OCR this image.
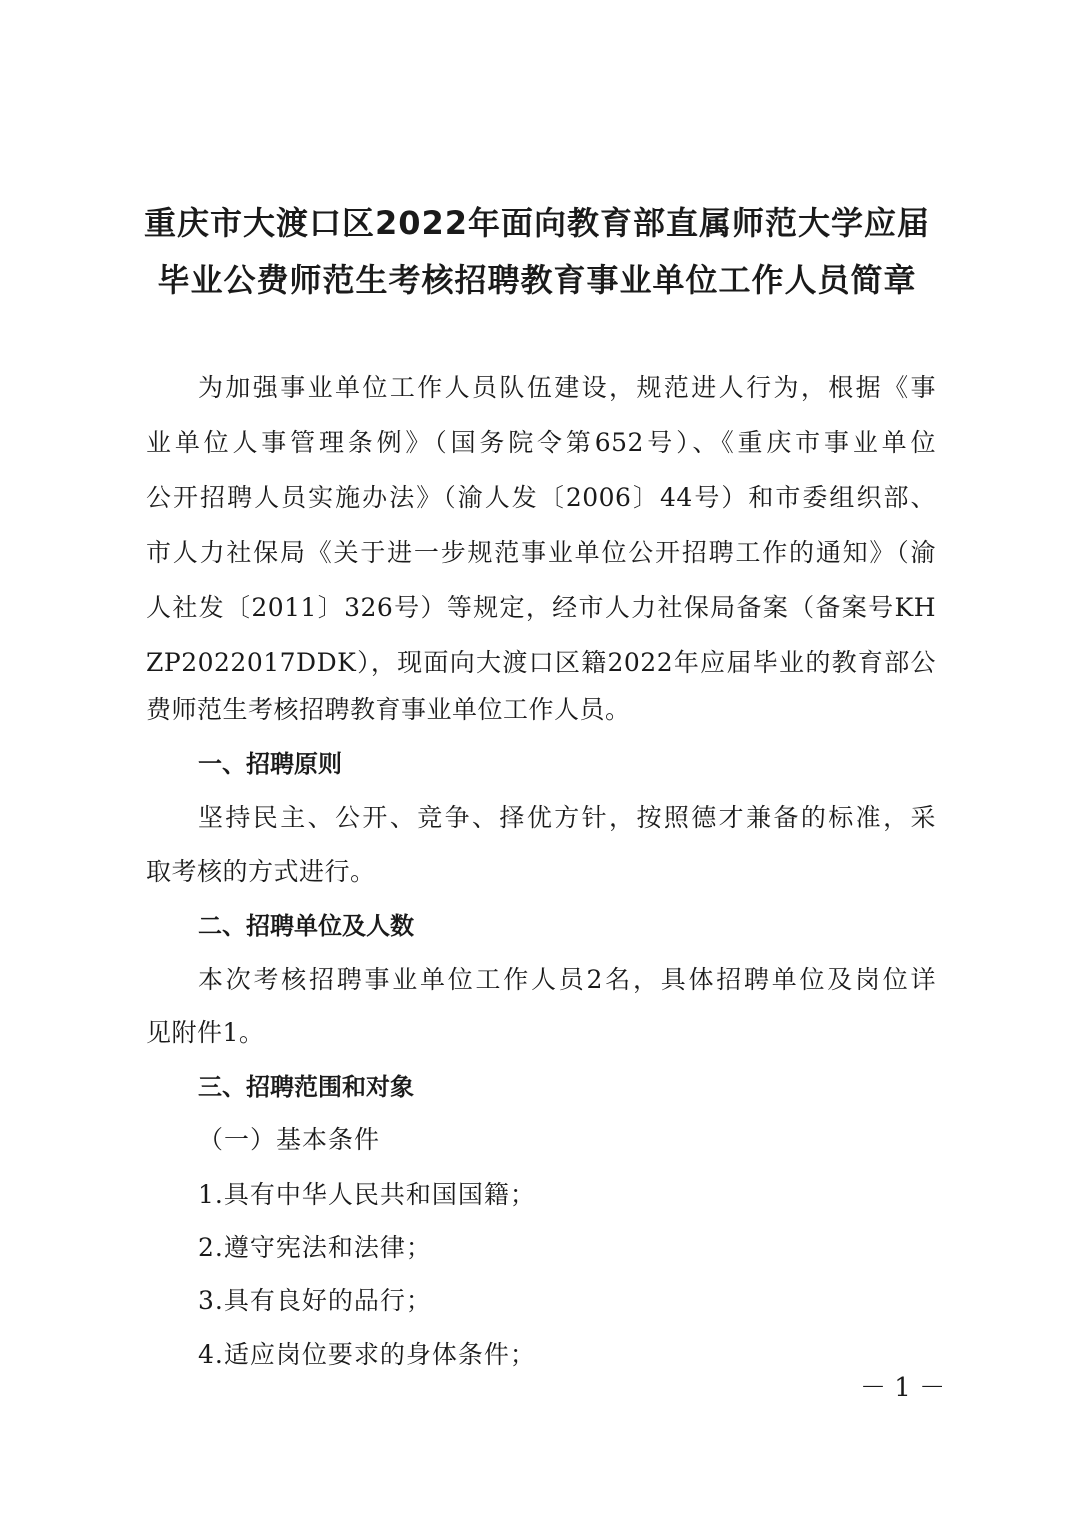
重庆市大渡口区2022年面向教育部直属师范大学应届
毕业公费师范生考核招聘教育事业单位工作人员简章
为加强事业单位工作人员队伍建设，规范进人行为，根据《事
业单位人事管理条例》（国务院令第652号）、《重庆市事业单位
公开招聘人员实施办法》（渝人发〔2006〕44号）和市委组织部、
市人力社保局《关于进一步规范事业单位公开招聘工作的通知》（渝
人社发〔2011〕326号）等规定，经市人力社保局备案（备案号KH
ZP2022017DDK），现面向大渡口区籍2022年应届毕业的教育部公
费师范生考核招聘教育事业单位工作人员。
一、招聘原则
坚持民主、公开、竞争、择优方针，按照德才兼备的标准，采
取考核的方式进行。
二、招聘单位及人数
本次考核招聘事业单位工作人员2名，具体招聘单位及岗位详
见附件1。
三、招聘范围和对象
（一）基本条件
1.具有中华人民共和国国籍；
2.遵守宪法和法律；
3.具有良好的品行；
4.适应岗位要求的身体条件；
－ 1 －
